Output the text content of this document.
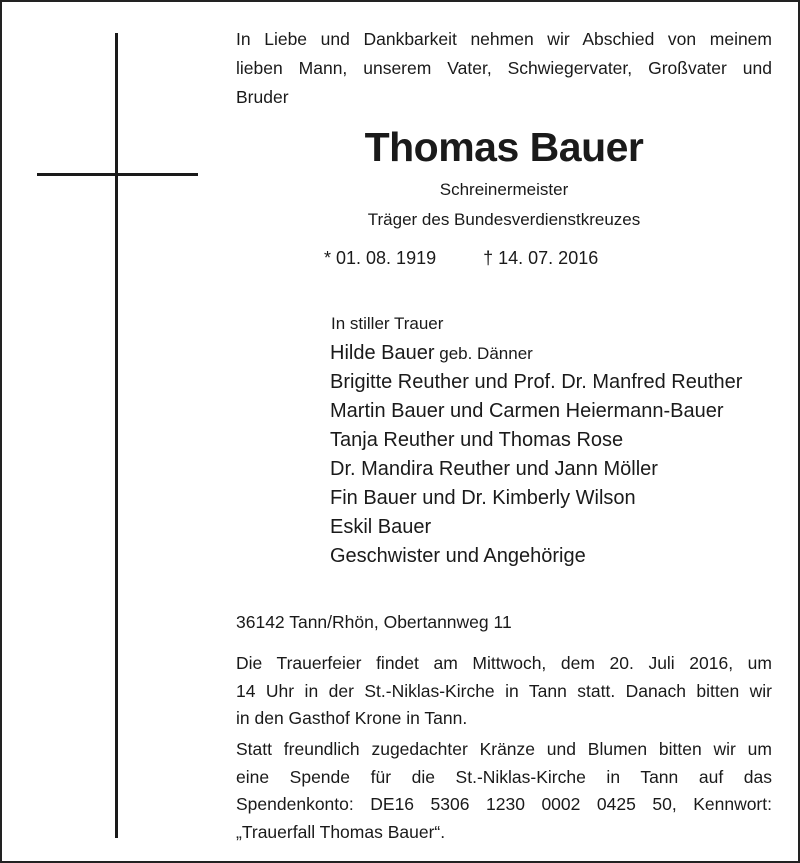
In Liebe und Dankbarkeit nehmen wir Abschied von meinem
lieben Mann, unserem Vater, Schwiegervater, Großvater und
Bruder
Thomas Bauer
Schreinermeister
Träger des Bundesverdienstkreuzes
* 01. 08. 1919	† 14. 07. 2016
In stiller Trauer
Hilde Bauer geb. Dänner
Brigitte Reuther und Prof. Dr. Manfred Reuther
Martin Bauer und Carmen Heiermann-Bauer
Tanja Reuther und Thomas Rose
Dr. Mandira Reuther und Jann Möller
Fin Bauer und Dr. Kimberly Wilson
Eskil Bauer
Geschwister und Angehörige
36142 Tann/Rhön, Obertannweg 11
Die Trauerfeier findet am Mittwoch, dem 20. Juli 2016, um
14 Uhr in der St.-Niklas-Kirche in Tann statt. Danach bitten wir
in den Gasthof Krone in Tann.
Statt freundlich zugedachter Kränze und Blumen bitten wir um
eine Spende für die St.-Niklas-Kirche in Tann auf das
Spendenkonto: DE16 5306 1230 0002 0425 50, Kennwort:
„Trauerfall Thomas Bauer“.
